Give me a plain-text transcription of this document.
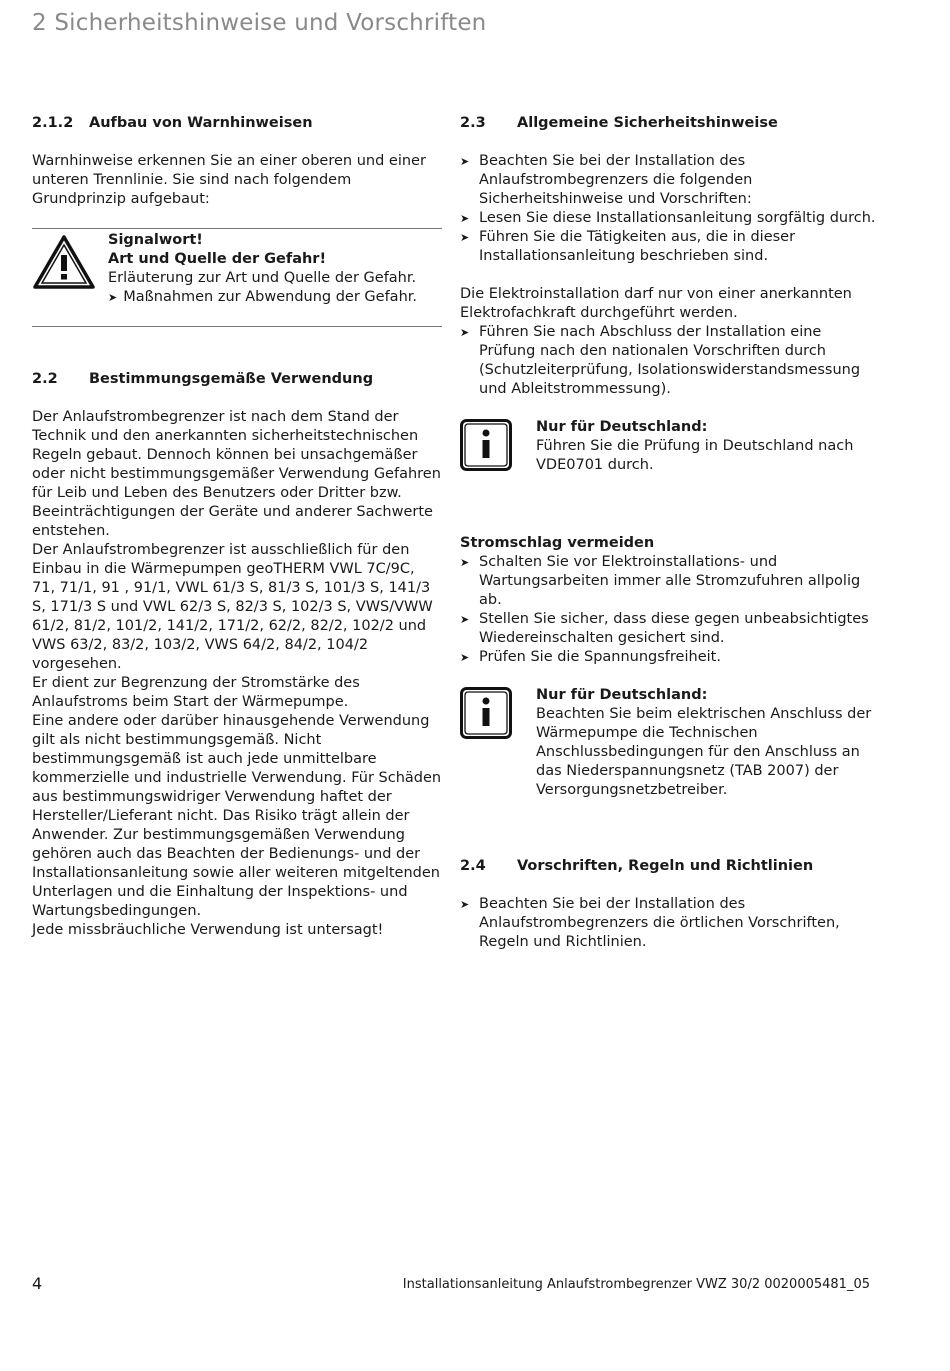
2 Sicherheitshinweise und Vorschriften
2.1.2	Aufbau von Warnhinweisen

Warnhinweise erkennen Sie an einer oberen und einer unteren Trennlinie. Sie sind nach folgendem Grundprinzip aufgebaut:

Signalwort!

Art und Quelle der Gefahr!

Erläuterung zur Art und Quelle der Gefahr.

➤ Maßnahmen zur Abwendung der Gefahr.

2.2	Bestimmungsgemäße Verwendung

Der Anlaufstrombegrenzer ist nach dem Stand der Technik und den anerkannten sicherheitstechnischen Regeln gebaut. Dennoch können bei unsachgemäßer oder nicht bestimmungsgemäßer Verwendung Gefahren für Leib und Leben des Benutzers oder Dritter bzw. Beeinträchtigungen der Geräte und anderer Sachwerte entstehen.

Der Anlaufstrombegrenzer ist ausschließlich für den Einbau in die Wärmepumpen geoTHERM VWL 7C/9C, 71, 71/1, 91 , 91/1, VWL 61/3 S, 81/3 S, 101/3 S, 141/3 S, 171/3 S und VWL 62/3 S, 82/3 S, 102/3 S, VWS/VWW 61/2, 81/2, 101/2, 141/2, 171/2, 62/2, 82/2, 102/2 und VWS 63/2, 83/2, 103/2, VWS 64/2, 84/2, 104/2 vorgesehen.

Er dient zur Begrenzung der Stromstärke des Anlaufstroms beim Start der Wärmepumpe.

Eine andere oder darüber hinausgehende Verwendung gilt als nicht bestimmungsgemäß. Nicht bestimmungsgemäß ist auch jede unmittelbare kommerzielle und industrielle Verwendung. Für Schäden aus bestimmungswidriger Verwendung haftet der Hersteller/Lieferant nicht. Das Risiko trägt allein der Anwender. Zur bestimmungsgemäßen Verwendung gehören auch das Beachten der Bedienungs- und der Installationsanleitung sowie aller weiteren mitgeltenden Unterlagen und die Einhaltung der Inspektions- und Wartungsbedingungen.

Jede missbräuchliche Verwendung ist untersagt!

2.3	Allgemeine Sicherheitshinweise
➤ Beachten Sie bei der Installation des Anlaufstrombegrenzers die folgenden Sicherheitshinweise und Vorschriften:
➤ Lesen Sie diese Installationsanleitung sorgfältig durch.
➤ Führen Sie die Tätigkeiten aus, die in dieser Installationsanleitung beschrieben sind.

Die Elektroinstallation darf nur von einer anerkannten Elektrofachkraft durchgeführt werden.

➤ Führen Sie nach Abschluss der Installation eine Prüfung nach den nationalen Vorschriften durch (Schutzleiterprüfung, Isolationswiderstandsmessung und Ableitstrommessung).

Nur für Deutschland:

Führen Sie die Prüfung in Deutschland nach VDE0701 durch.

Stromschlag vermeiden

➤ Schalten Sie vor Elektroinstallations- und Wartungsarbeiten immer alle Stromzufuhren allpolig ab.
➤ Stellen Sie sicher, dass diese gegen unbeabsichtigtes Wiedereinschalten gesichert sind.
➤ Prüfen Sie die Spannungsfreiheit.

Nur für Deutschland:

Beachten Sie beim elektrischen Anschluss der Wärmepumpe die Technischen Anschlussbedingungen für den Anschluss an das Niederspannungsnetz (TAB 2007) der Versorgungsnetzbetreiber.

2.4	Vorschriften, Regeln und Richtlinien
➤ Beachten Sie bei der Installation des Anlaufstrombegrenzers die örtlichen Vorschriften, Regeln und Richtlinien.
4	Installationsanleitung Anlaufstrombegrenzer VWZ 30/2 0020005481_05
